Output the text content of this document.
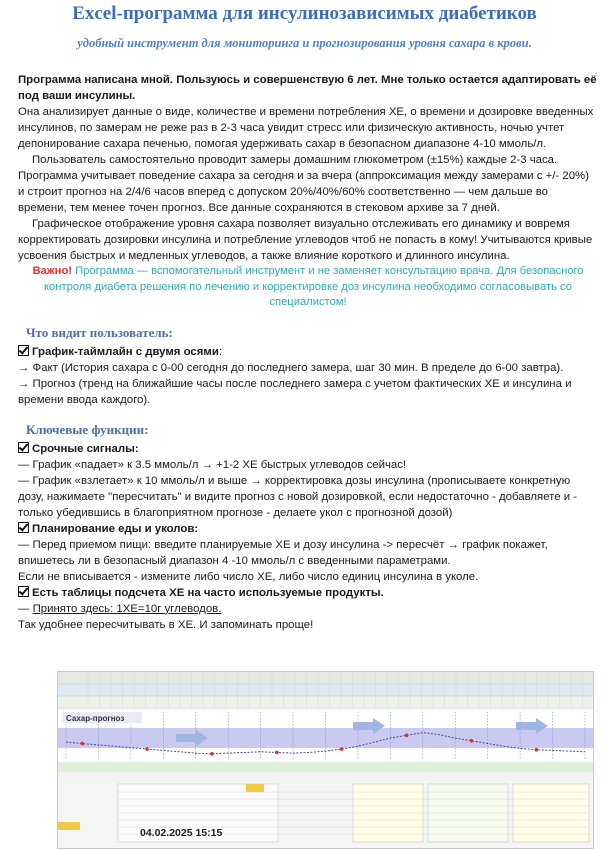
Excel-программа для инсулинозависимых диабетиков
удобный инструмент для мониторинга и прогнозирования уровня сахара в крови.

Программа написана мной. Пользуюсь и совершенствую 6 лет. Мне только остается адаптировать её под ваши инсулины.

Она анализирует данные о виде, количестве и времени потребления ХЕ, о времени и дозировке введенных инсулинов, по замерам не реже раз в 2-3 часа увидит стресс или физическую активность, ночью учтет депонирование сахара печенью, помогая удерживать сахар в безопасном диапазоне 4-10 ммоль/л.

Пользователь самостоятельно проводит замеры домашним глюкометром (±15%) каждые 2-3 часа. Программа учитывает поведение сахара за сегодня и за вчера (аппроксимация между замерами с +/- 20%) и строит прогноз на 2/4/6 часов вперед с допуском 20%/40%/60% соответственно — чем дальше во времени, тем менее точен прогноз. Все данные сохраняются в стековом архиве за 7 дней.

Графическое отображение уровня сахара позволяет визуально отслеживать его динамику и вовремя корректировать дозировки инсулина и потребление углеводов чтоб не попасть в кому! Учитываются кривые усвоения быстрых и медленных углеводов, а также влияние короткого и длинного инсулина.

Важно! Программа — вспомогательный инструмент и не заменяет консультацию врача. Для безопасного контроля диабета решения по лечению и корректировке доз инсулина необходимо согласовывать со специалистом!

Что видит пользователь:

График-таймлайн с двумя осями:

→ Факт (История сахара с 0-00 сегодня до последнего замера, шаг 30 мин. В пределе до 6-00 завтра).

→ Прогноз (тренд на ближайшие часы после последнего замера с учетом фактических ХЕ и инсулина и времени ввода каждого).

Ключевые функции:

Срочные сигналы:

— График «падает» к 3.5 ммоль/л → +1-2 ХЕ быстрых углеводов сейчас!

— График «взлетает» к 10 ммоль/л и выше → корректировка дозы инсулина (прописываете конкретную дозу, нажимаете "пересчитать" и видите прогноз с новой дозировкой, если недостаточно - добавляете и - только убедившись в благоприятном прогнозе - делаете укол с прогнозной дозой)

Планирование еды и уколов:

— Перед приемом пищи: введите планируемые ХЕ и дозу инсулина -> пересчёт → график покажет, впишетесь ли в безопасный диапазон 4 -10 ммоль/л с введенными параметрами.

Если не вписывается - измените либо число ХЕ, либо число единиц инсулина в уколе.

Есть таблицы подсчета ХЕ на часто используемые продукты.

— Принято здесь: 1ХЕ=10г углеводов.

Так удобнее пересчитывать в ХЕ. И запоминать проще!

Сахар-прогноз
04.02.2025 15:15
